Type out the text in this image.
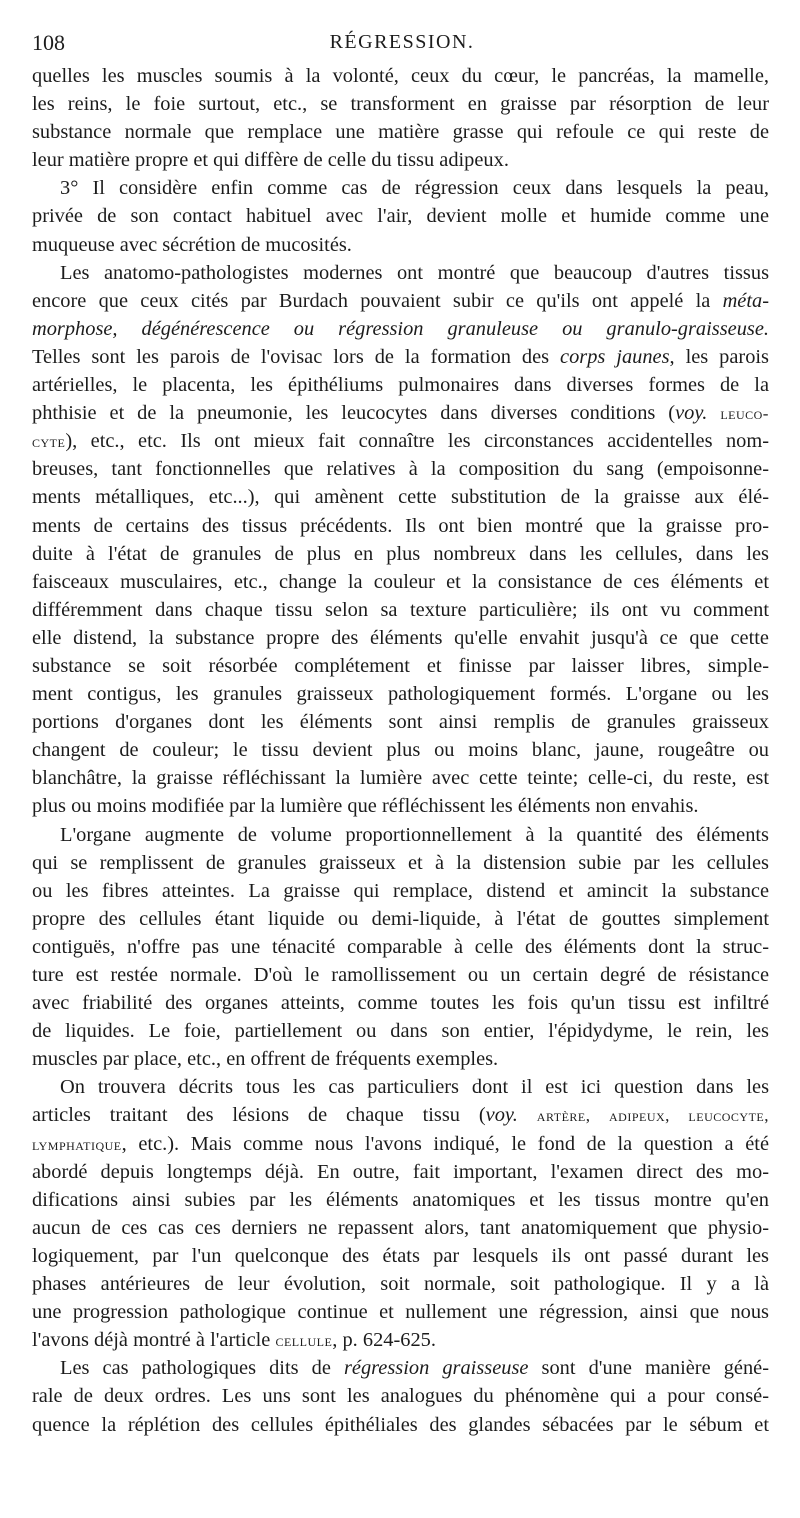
108	RÉGRESSION.
quelles les muscles soumis à la volonté, ceux du cœur, le pancréas, la mamelle,
les reins, le foie surtout, etc., se transforment en graisse par résorption de leur
substance normale que remplace une matière grasse qui refoule ce qui reste de
leur matière propre et qui diffère de celle du tissu adipeux.
3° Il considère enfin comme cas de régression ceux dans lesquels la peau,
privée de son contact habituel avec l'air, devient molle et humide comme une
muqueuse avec sécrétion de mucosités.
Les anatomo-pathologistes modernes ont montré que beaucoup d'autres tissus
encore que ceux cités par Burdach pouvaient subir ce qu'ils ont appelé la méta-
morphose, dégénérescence ou régression granuleuse ou granulo-graisseuse.
Telles sont les parois de l'ovisac lors de la formation des corps jaunes, les parois
artérielles, le placenta, les épithéliums pulmonaires dans diverses formes de la
phthisie et de la pneumonie, les leucocytes dans diverses conditions (voy. leuco-
cyte), etc., etc. Ils ont mieux fait connaître les circonstances accidentelles nom-
breuses, tant fonctionnelles que relatives à la composition du sang (empoisonne-
ments métalliques, etc...), qui amènent cette substitution de la graisse aux élé-
ments de certains des tissus précédents. Ils ont bien montré que la graisse pro-
duite à l'état de granules de plus en plus nombreux dans les cellules, dans les
faisceaux musculaires, etc., change la couleur et la consistance de ces éléments et
différemment dans chaque tissu selon sa texture particulière; ils ont vu comment
elle distend, la substance propre des éléments qu'elle envahit jusqu'à ce que cette
substance se soit résorbée complétement et finisse par laisser libres, simple-
ment contigus, les granules graisseux pathologiquement formés. L'organe ou les
portions d'organes dont les éléments sont ainsi remplis de granules graisseux
changent de couleur; le tissu devient plus ou moins blanc, jaune, rougeâtre ou
blanchâtre, la graisse réfléchissant la lumière avec cette teinte; celle-ci, du reste, est
plus ou moins modifiée par la lumière que réfléchissent les éléments non envahis.
L'organe augmente de volume proportionnellement à la quantité des éléments
qui se remplissent de granules graisseux et à la distension subie par les cellules
ou les fibres atteintes. La graisse qui remplace, distend et amincit la substance
propre des cellules étant liquide ou demi-liquide, à l'état de gouttes simplement
contiguës, n'offre pas une ténacité comparable à celle des éléments dont la struc-
ture est restée normale. D'où le ramollissement ou un certain degré de résistance
avec friabilité des organes atteints, comme toutes les fois qu'un tissu est infiltré
de liquides. Le foie, partiellement ou dans son entier, l'épidydyme, le rein, les
muscles par place, etc., en offrent de fréquents exemples.
On trouvera décrits tous les cas particuliers dont il est ici question dans les
articles traitant des lésions de chaque tissu (voy. artère, adipeux, leucocyte,
lymphatique, etc.). Mais comme nous l'avons indiqué, le fond de la question a été
abordé depuis longtemps déjà. En outre, fait important, l'examen direct des mo-
difications ainsi subies par les éléments anatomiques et les tissus montre qu'en
aucun de ces cas ces derniers ne repassent alors, tant anatomiquement que physio-
logiquement, par l'un quelconque des états par lesquels ils ont passé durant les
phases antérieures de leur évolution, soit normale, soit pathologique. Il y a là
une progression pathologique continue et nullement une régression, ainsi que nous
l'avons déjà montré à l'article cellule, p. 624-625.
Les cas pathologiques dits de régression graisseuse sont d'une manière géné-
rale de deux ordres. Les uns sont les analogues du phénomène qui a pour consé-
quence la réplétion des cellules épithéliales des glandes sébacées par le sébum et
